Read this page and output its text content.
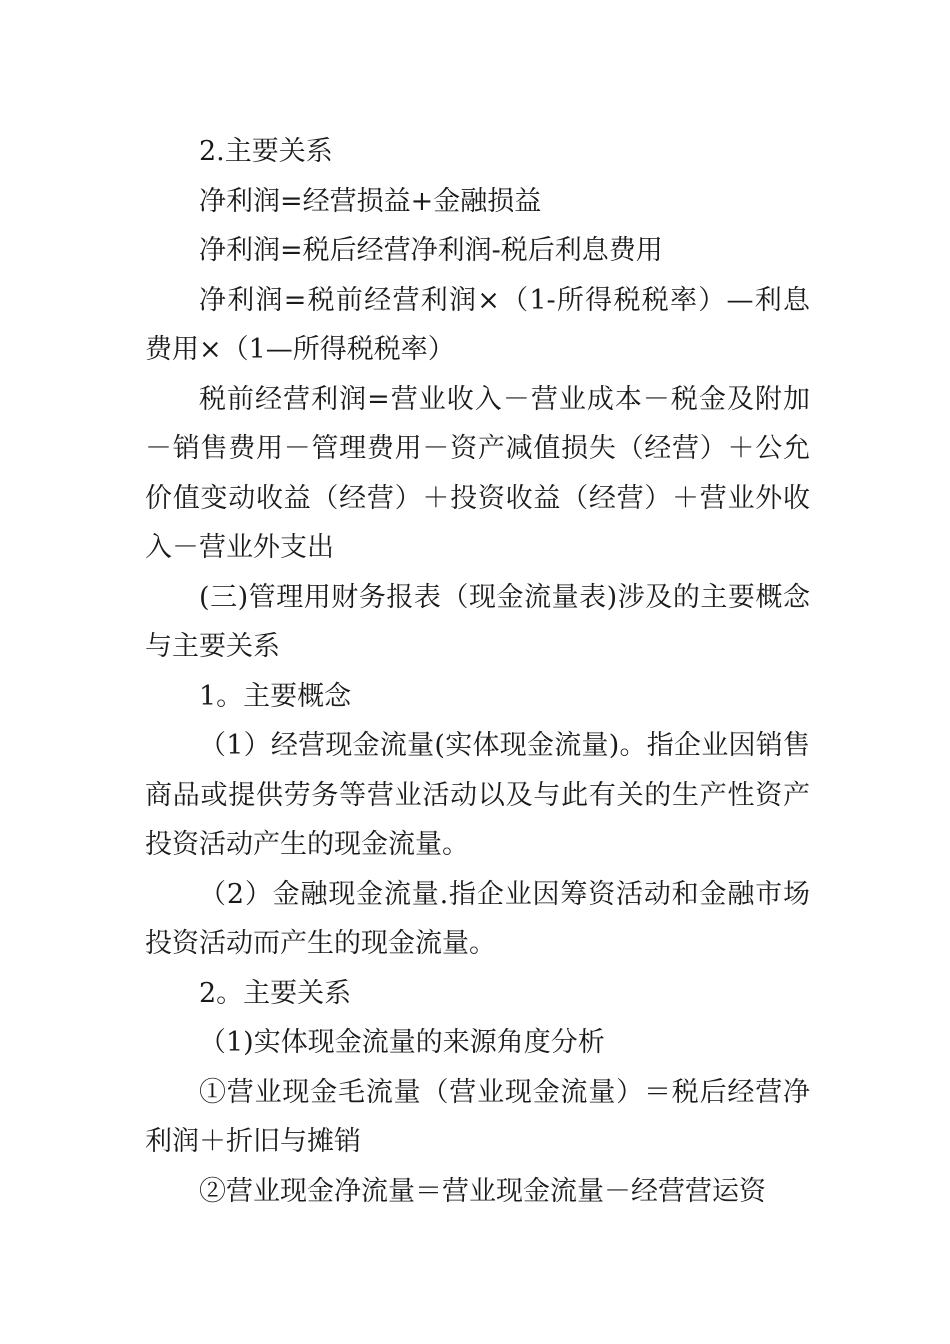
2.主要关系

净利润=经营损益+金融损益

净利润=税后经营净利润-税后利息费用

净利润=税前经营利润×（1-所得税税率）—利息费用×（1—所得税税率）

税前经营利润=营业收入－营业成本－税金及附加－销售费用－管理费用－资产减值损失（经营）＋公允价值变动收益（经营）＋投资收益（经营）＋营业外收入－营业外支出

(三)管理用财务报表（现金流量表)涉及的主要概念与主要关系

1。主要概念

（1）经营现金流量(实体现金流量)。指企业因销售商品或提供劳务等营业活动以及与此有关的生产性资产投资活动产生的现金流量。

（2）金融现金流量.指企业因筹资活动和金融市场投资活动而产生的现金流量。

2。主要关系

（1)实体现金流量的来源角度分析

①营业现金毛流量（营业现金流量）＝税后经营净利润＋折旧与摊销

②营业现金净流量＝营业现金流量－经营营运资
